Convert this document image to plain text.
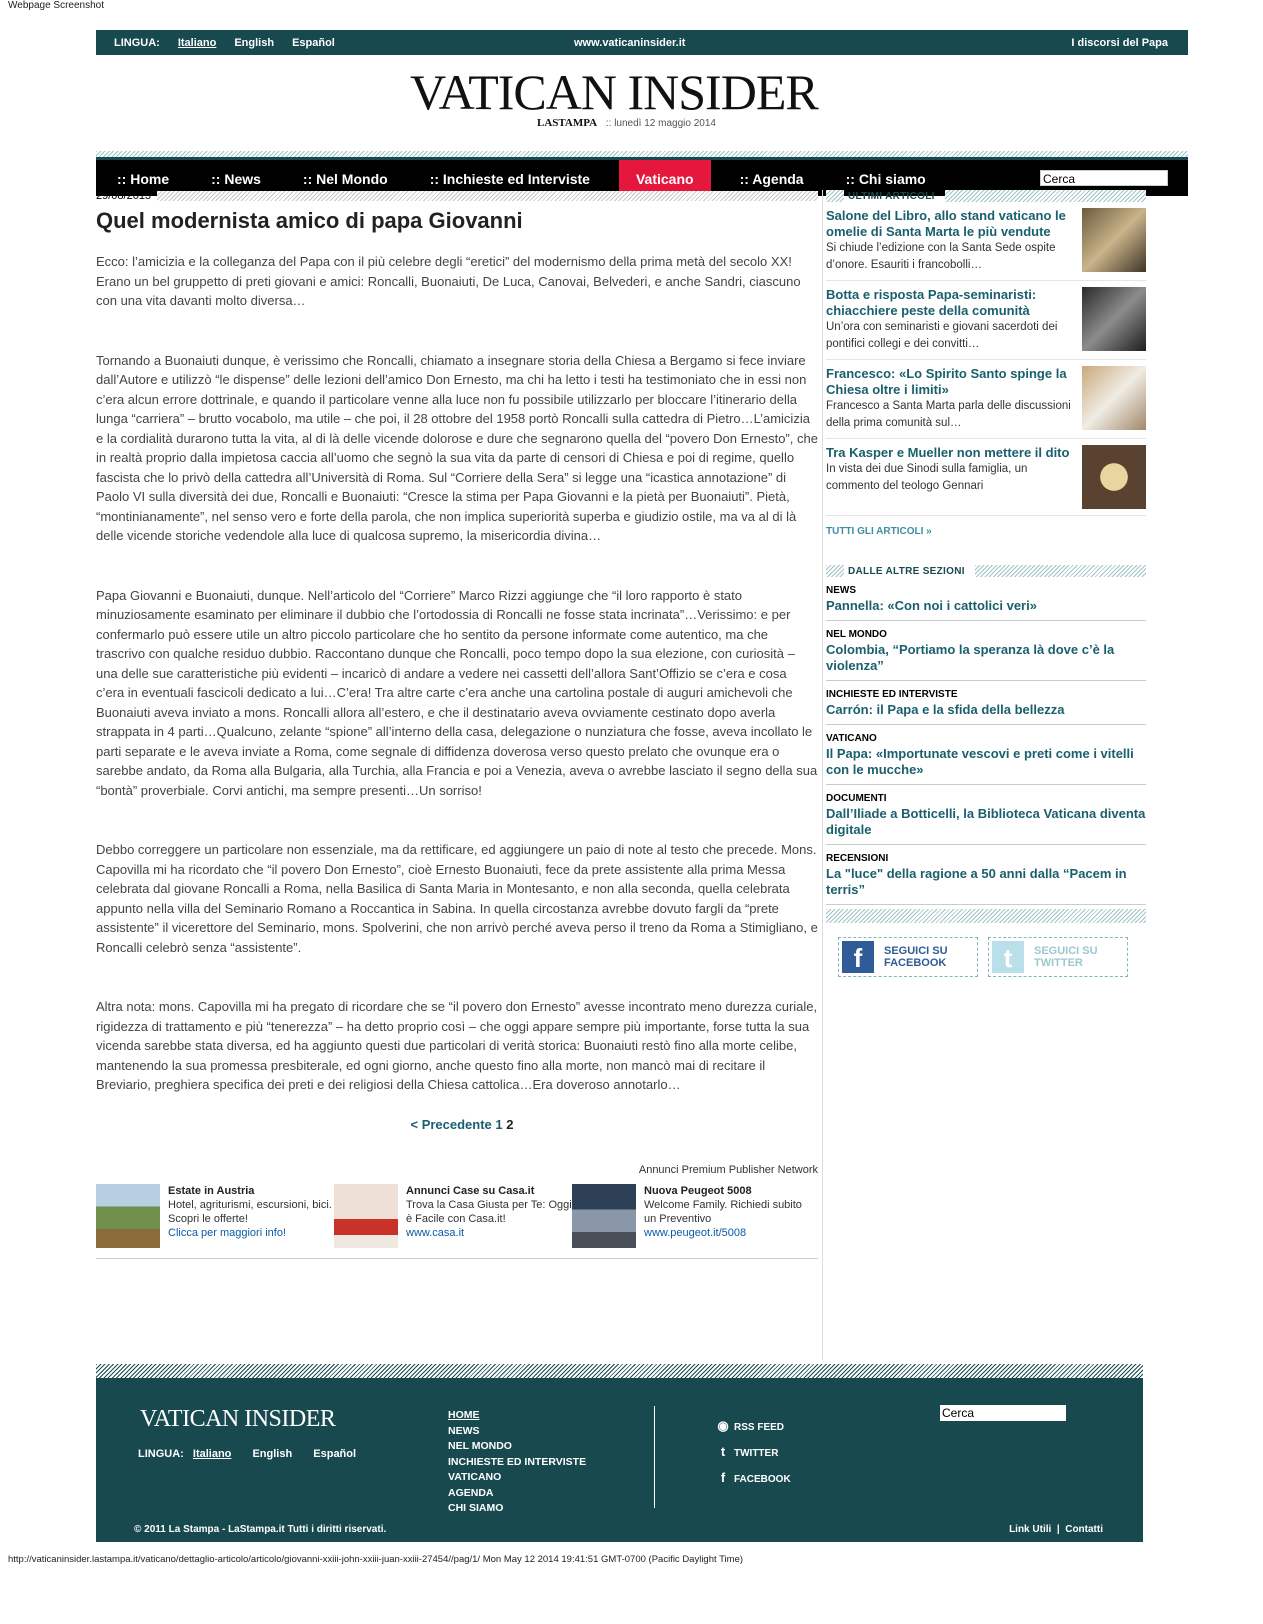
Webpage Screenshot
LINGUA: Italiano English Español	www.vaticaninsider.it	I discorsi del Papa
VATICAN INSIDER
LASTAMPA :: lunedì 12 maggio 2014
:: Home	:: News	:: Nel Mondo	:: Inchieste ed Interviste	Vaticano	:: Agenda	:: Chi siamo	Cerca
29/08/2013
Quel modernista amico di papa Giovanni

Ecco: l’amicizia e la colleganza del Papa con il più celebre degli “eretici” del modernismo della prima metà del secolo XX! Erano un bel gruppetto di preti giovani e amici: Roncalli, Buonaiuti, De Luca, Canovai, Belvederi, e anche Sandri, ciascuno con una vita davanti molto diversa…

Tornando a Buonaiuti dunque, è verissimo che Roncalli, chiamato a insegnare storia della Chiesa a Bergamo si fece inviare dall’Autore e utilizzò “le dispense” delle lezioni dell’amico Don Ernesto, ma chi ha letto i testi ha testimoniato che in essi non c’era alcun errore dottrinale, e quando il particolare venne alla luce non fu possibile utilizzarlo per bloccare l’itinerario della lunga “carriera” – brutto vocabolo, ma utile – che poi, il 28 ottobre del 1958 portò Roncalli sulla cattedra di Pietro…L’amicizia e la cordialità durarono tutta la vita, al di là delle vicende dolorose e dure che segnarono quella del “povero Don Ernesto”, che in realtà proprio dalla impietosa caccia all’uomo che segnò la sua vita da parte di censori di Chiesa e poi di regime, quello fascista che lo privò della cattedra all’Università di Roma. Sul “Corriere della Sera” si legge una “icastica annotazione” di Paolo VI sulla diversità dei due, Roncalli e Buonaiuti: “Cresce la stima per Papa Giovanni e la pietà per Buonaiuti”. Pietà, “montinianamente”, nel senso vero e forte della parola, che non implica superiorità superba e giudizio ostile, ma va al di là delle vicende storiche vedendole alla luce di qualcosa supremo, la misericordia divina…

Papa Giovanni e Buonaiuti, dunque. Nell’articolo del “Corriere” Marco Rizzi aggiunge che “il loro rapporto è stato minuziosamente esaminato per eliminare il dubbio che l’ortodossia di Roncalli ne fosse stata incrinata”…Verissimo: e per confermarlo può essere utile un altro piccolo particolare che ho sentito da persone informate come autentico, ma che trascrivo con qualche residuo dubbio. Raccontano dunque che Roncalli, poco tempo dopo la sua elezione, con curiosità – una delle sue caratteristiche più evidenti – incaricò di andare a vedere nei cassetti dell’allora Sant’Offizio se c’era e cosa c’era in eventuali fascicoli dedicato a lui…C’era! Tra altre carte c’era anche una cartolina postale di auguri amichevoli che Buonaiuti aveva inviato a mons. Roncalli allora all’estero, e che il destinatario aveva ovviamente cestinato dopo averla strappata in 4 parti…Qualcuno, zelante “spione” all’interno della casa, delegazione o nunziatura che fosse, aveva incollato le parti separate e le aveva inviate a Roma, come segnale di diffidenza doverosa verso questo prelato che ovunque era o sarebbe andato, da Roma alla Bulgaria, alla Turchia, alla Francia e poi a Venezia, aveva o avrebbe lasciato il segno della sua “bontà” proverbiale. Corvi antichi, ma sempre presenti…Un sorriso!

Debbo correggere un particolare non essenziale, ma da rettificare, ed aggiungere un paio di note al testo che precede. Mons. Capovilla mi ha ricordato che “il povero Don Ernesto”, cioè Ernesto Buonaiuti, fece da prete assistente alla prima Messa celebrata dal giovane Roncalli a Roma, nella Basilica di Santa Maria in Montesanto, e non alla seconda, quella celebrata appunto nella villa del Seminario Romano a Roccantica in Sabina. In quella circostanza avrebbe dovuto fargli da “prete assistente” il vicerettore del Seminario, mons. Spolverini, che non arrivò perché aveva perso il treno da Roma a Stimigliano, e Roncalli celebrò senza “assistente”.

Altra nota: mons. Capovilla mi ha pregato di ricordare che se “il povero don Ernesto” avesse incontrato meno durezza curiale, rigidezza di trattamento e più “tenerezza” – ha detto proprio così – che oggi appare sempre più importante, forse tutta la sua vicenda sarebbe stata diversa, ed ha aggiunto questi due particolari di verità storica: Buonaiuti restò fino alla morte celibe, mantenendo la sua promessa presbiterale, ed ogni giorno, anche questo fino alla morte, non mancò mai di recitare il Breviario, preghiera specifica dei preti e dei religiosi della Chiesa cattolica…Era doveroso annotarlo…

< Precedente 1 2
Annunci Premium Publisher Network
Estate in Austria
Hotel, agriturismi, escursioni, bici. Scopri le offerte!
Clicca per maggiori info!
Annunci Case su Casa.it
Trova la Casa Giusta per Te: Oggi è Facile con Casa.it!
www.casa.it
Nuova Peugeot 5008
Welcome Family. Richiedi subito un Preventivo
www.peugeot.it/5008
ULTIMI ARTICOLI
Salone del Libro, allo stand vaticano le omelie di Santa Marta le più vendute
Si chiude l’edizione con la Santa Sede ospite d’onore. Esauriti i francobolli…
Botta e risposta Papa-seminaristi: chiacchiere peste della comunità
Un’ora con seminaristi e giovani sacerdoti dei pontifici collegi e dei convitti…
Francesco: «Lo Spirito Santo spinge la Chiesa oltre i limiti»
Francesco a Santa Marta parla delle discussioni della prima comunità sul…
Tra Kasper e Mueller non mettere il dito
In vista dei due Sinodi sulla famiglia, un commento del teologo Gennari
TUTTI GLI ARTICOLI »
DALLE ALTRE SEZIONI
NEWS
Pannella: «Con noi i cattolici veri»
NEL MONDO
Colombia, “Portiamo la speranza là dove c’è la violenza”
INCHIESTE ED INTERVISTE
Carrón: il Papa e la sfida della bellezza
VATICANO
Il Papa: «Importunate vescovi e preti come i vitelli con le mucche»
DOCUMENTI
Dall’Iliade a Botticelli, la Biblioteca Vaticana diventa digitale
RECENSIONI
La "luce" della ragione a 50 anni dalla “Pacem in terris”
f	SEGUICI SU FACEBOOK	t	SEGUICI SU TWITTER
VATICAN INSIDER
LINGUA: Italiano English Español
HOME
NEWS
NEL MONDO
INCHIESTE ED INTERVISTE
VATICANO
AGENDA
CHI SIAMO
◉ RSS FEED
t TWITTER
f FACEBOOK
Cerca
© 2011 La Stampa - LaStampa.it Tutti i diritti riservati.	Link Utili  |  Contatti
http://vaticaninsider.lastampa.it/vaticano/dettaglio-articolo/articolo/giovanni-xxiii-john-xxiii-juan-xxiii-27454//pag/1/ Mon May 12 2014 19:41:51 GMT-0700 (Pacific Daylight Time)
